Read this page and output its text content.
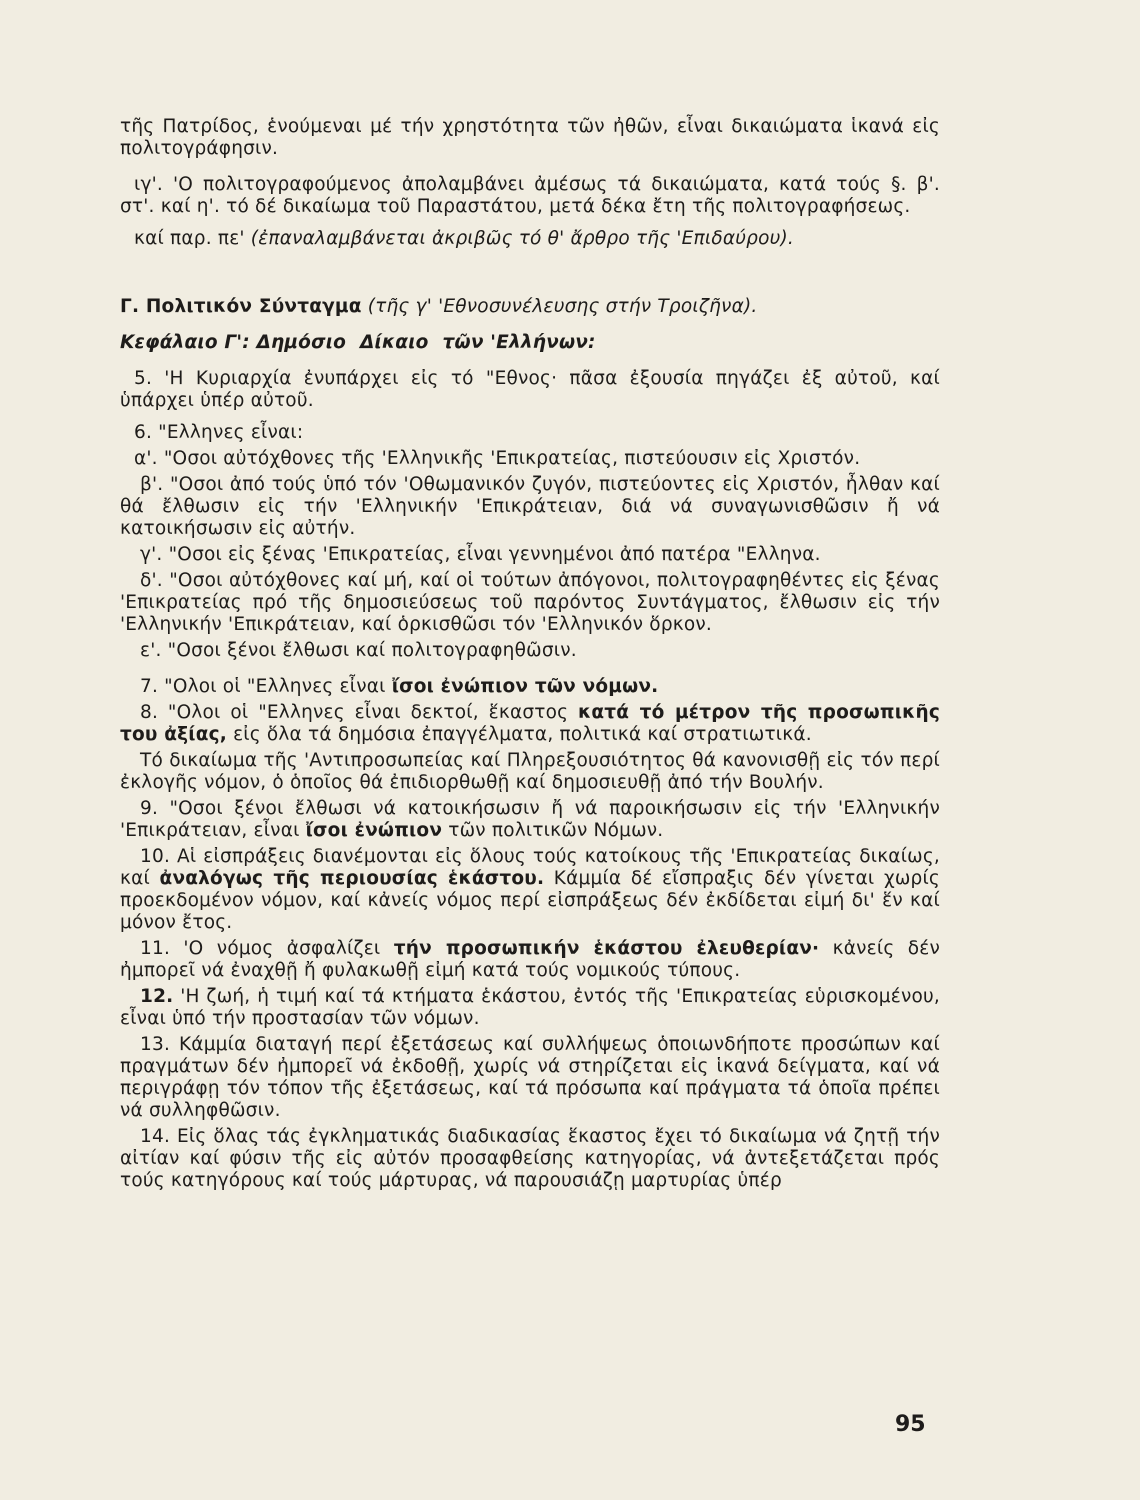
τῆς Πατρίδος, ἑνούμεναι μέ τήν χρηστότητα τῶν ἠθῶν, εἶναι δικαιώματα ἱκανά εἰς πολιτογράφησιν.

ιγ'. 'Ο πολιτογραφούμενος ἀπολαμβάνει ἀμέσως τά δικαιώματα, κατά τούς §. β'. στ'. καί η'. τό δέ δικαίωμα τοῦ Παραστάτου, μετά δέκα ἔτη τῆς πολιτογραφήσεως.

καί παρ. πε' (ἐπαναλαμβάνεται ἀκριβῶς τό θ' ἄρθρο τῆς 'Επιδαύρου).

Γ. Πολιτικόν Σύνταγμα (τῆς γ' 'Εθνοσυνέλευσης στήν Τροιζῆνα).

Κεφάλαιο Γ': Δημόσιο Δίκαιο τῶν 'Ελλήνων:

5. 'Η Κυριαρχία ἐνυπάρχει εἰς τό "Εθνος· πᾶσα ἐξουσία πηγάζει ἐξ αὐτοῦ, καί ὑπάρχει ὑπέρ αὐτοῦ.

6. "Ελληνες εἶναι:

α'. "Οσοι αὐτόχθονες τῆς 'Ελληνικῆς 'Επικρατείας, πιστεύουσιν εἰς Χριστόν.

β'. "Οσοι ἀπό τούς ὑπό τόν 'Οθωμανικόν ζυγόν, πιστεύοντες εἰς Χριστόν, ἦλθαν καί θά ἔλθωσιν εἰς τήν 'Ελληνικήν 'Επικράτειαν, διά νά συναγωνισθῶσιν ἤ νά κατοικήσωσιν εἰς αὐτήν.

γ'. "Οσοι εἰς ξένας 'Επικρατείας, εἶναι γεννημένοι ἀπό πατέρα "Ελληνα.

δ'. "Οσοι αὐτόχθονες καί μή, καί οἱ τούτων ἀπόγονοι, πολιτογραφηθέντες εἰς ξένας 'Επικρατείας πρό τῆς δημοσιεύσεως τοῦ παρόντος Συντάγματος, ἔλθωσιν εἰς τήν 'Ελληνικήν 'Επικράτειαν, καί ὁρκισθῶσι τόν 'Ελληνικόν ὅρκον.

ε'. "Οσοι ξένοι ἔλθωσι καί πολιτογραφηθῶσιν.

7. "Ολοι οἱ "Ελληνες εἶναι ἴσοι ἐνώπιον τῶν νόμων.

8. "Ολοι οἱ "Ελληνες εἶναι δεκτοί, ἕκαστος κατά τό μέτρον τῆς προσωπικῆς του ἀξίας, εἰς ὅλα τά δημόσια ἐπαγγέλματα, πολιτικά καί στρατιωτικά.

Τό δικαίωμα τῆς 'Αντιπροσωπείας καί Πληρεξουσιότητος θά κανονισθῇ εἰς τόν περί ἐκλογῆς νόμον, ὁ ὁποῖος θά ἐπιδιορθωθῇ καί δημοσιευθῇ ἀπό τήν Βουλήν.

9. "Οσοι ξένοι ἔλθωσι νά κατοικήσωσιν ἤ νά παροικήσωσιν εἰς τήν 'Ελληνικήν 'Επικράτειαν, εἶναι ἴσοι ἐνώπιον τῶν πολιτικῶν Νόμων.

10. Αἱ εἰσπράξεις διανέμονται εἰς ὅλους τούς κατοίκους τῆς 'Επικρατείας δικαίως, καί ἀναλόγως τῆς περιουσίας ἑκάστου. Κάμμία δέ εἴσπραξις δέν γίνεται χωρίς προεκδομένον νόμον, καί κἀνείς νόμος περί εἰσπράξεως δέν ἐκδίδεται εἰμή δι' ἕν καί μόνον ἔτος.

11. 'Ο νόμος ἀσφαλίζει τήν προσωπικήν ἑκάστου ἐλευθερίαν· κἀνείς δέν ἠμπορεῖ νά ἐναχθῇ ἤ φυλακωθῇ εἰμή κατά τούς νομικούς τύπους.

12. 'Η ζωή, ἡ τιμή καί τά κτήματα ἑκάστου, ἐντός τῆς 'Επικρατείας εὑρισκομένου, εἶναι ὑπό τήν προστασίαν τῶν νόμων.

13. Κάμμία διαταγή περί ἐξετάσεως καί συλλήψεως ὁποιωνδήποτε προσώπων καί πραγμάτων δέν ἠμπορεῖ νά ἐκδοθῇ, χωρίς νά στηρίζεται εἰς ἱκανά δείγματα, καί νά περιγράφῃ τόν τόπον τῆς ἐξετάσεως, καί τά πρόσωπα καί πράγματα τά ὁποῖα πρέπει νά συλληφθῶσιν.

14. Εἰς ὅλας τάς ἐγκληματικάς διαδικασίας ἕκαστος ἔχει τό δικαίωμα νά ζητῇ τήν αἰτίαν καί φύσιν τῆς εἰς αὐτόν προσαφθείσης κατηγορίας, νά ἀντεξετάζεται πρός τούς κατηγόρους καί τούς μάρτυρας, νά παρουσιάζῃ μαρτυρίας ὑπέρ

95
